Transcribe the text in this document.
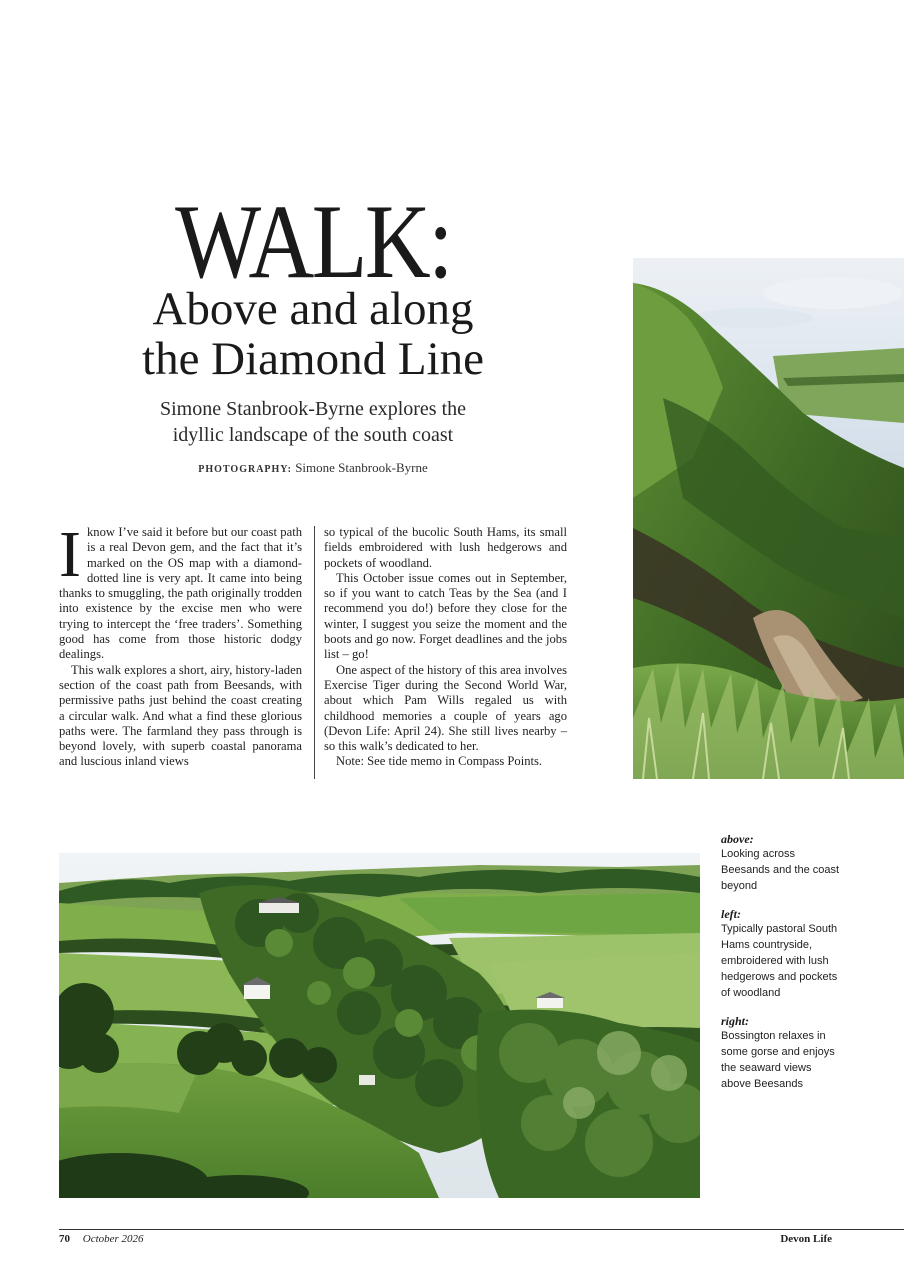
WALK:
Above and along
the Diamond Line
Simone Stanbrook-Byrne explores the
idyllic landscape of the south coast
PHOTOGRAPHY: Simone Stanbrook-Byrne

Iknow I’ve said it before but our coast path is a real Devon gem, and the fact that it’s marked on the OS map with a diamond-dotted line is very apt. It came into being thanks to smuggling, the path originally trodden into existence by the excise men who were trying to intercept the ‘free traders’. Something good has come from those historic dodgy dealings.

This walk explores a short, airy, history-laden section of the coast path from Beesands, with permissive paths just behind the coast creating a circular walk. And what a find these glorious paths were. The farmland they pass through is beyond lovely, with superb coastal panorama and luscious inland views

so typical of the bucolic South Hams, its small fields embroidered with lush hedgerows and pockets of woodland.

This October issue comes out in September, so if you want to catch Teas by the Sea (and I recommend you do!) before they close for the winter, I suggest you seize the moment and the boots and go now. Forget deadlines and the jobs list – go!

One aspect of the history of this area involves Exercise Tiger during the Second World War, about which Pam Wills regaled us with childhood memories a couple of years ago (Devon Life: April 24). She still lives nearby – so this walk’s dedicated to her.

Note: See tide memo in Compass Points.

above:
Looking across Beesands and the coast beyond
left:
Typically pastoral South Hams countryside, embroidered with lush hedgerows and pockets of woodland
right:
Bossington relaxes in some gorse and enjoys the seaward views above Beesands
70 October 2026	Devon Life
